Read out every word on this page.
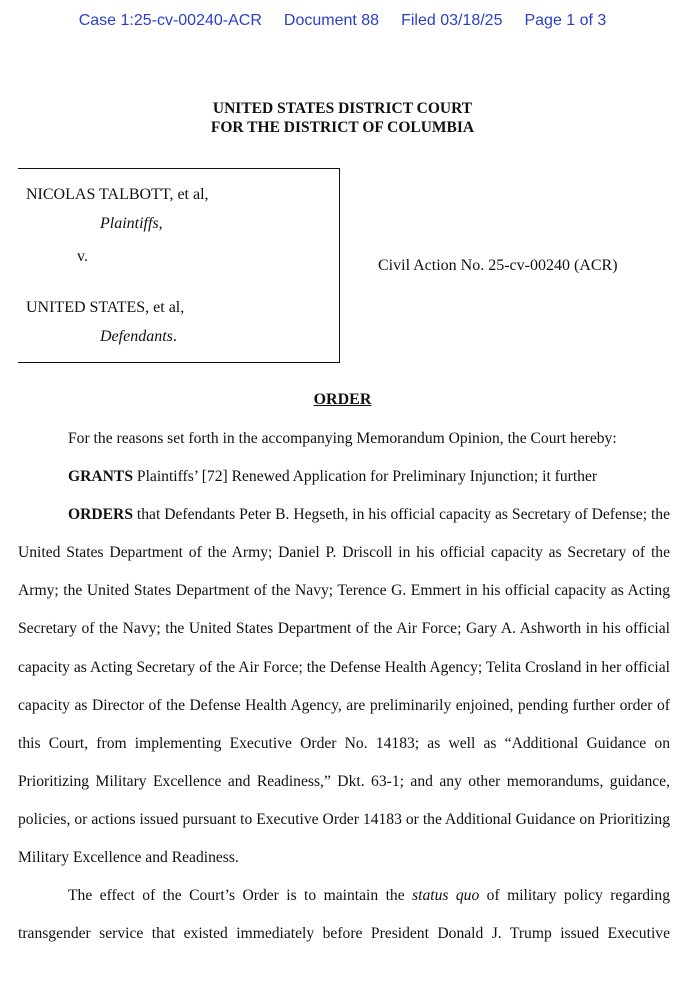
Case 1:25-cv-00240-ACR Document 88 Filed 03/18/25 Page 1 of 3
UNITED STATES DISTRICT COURT
FOR THE DISTRICT OF COLUMBIA
NICOLAS TALBOTT, et al,
Plaintiffs,
v.
UNITED STATES, et al,
Defendants.
Civil Action No. 25-cv-00240 (ACR)
ORDER

For the reasons set forth in the accompanying Memorandum Opinion, the Court hereby:

GRANTS Plaintiffs’ [72] Renewed Application for Preliminary Injunction; it further

ORDERS that Defendants Peter B. Hegseth, in his official capacity as Secretary of Defense; the United States Department of the Army; Daniel P. Driscoll in his official capacity as Secretary of the Army; the United States Department of the Navy; Terence G. Emmert in his official capacity as Acting Secretary of the Navy; the United States Department of the Air Force; Gary A. Ashworth in his official capacity as Acting Secretary of the Air Force; the Defense Health Agency; Telita Crosland in her official capacity as Director of the Defense Health Agency, are preliminarily enjoined, pending further order of this Court, from implementing Executive Order No. 14183; as well as “Additional Guidance on Prioritizing Military Excellence and Readiness,” Dkt. 63-1; and any other memorandums, guidance, policies, or actions issued pursuant to Executive Order 14183 or the Additional Guidance on Prioritizing Military Excellence and Readiness.

The effect of the Court’s Order is to maintain the status quo of military policy regarding transgender service that existed immediately before President Donald J. Trump issued Executive
